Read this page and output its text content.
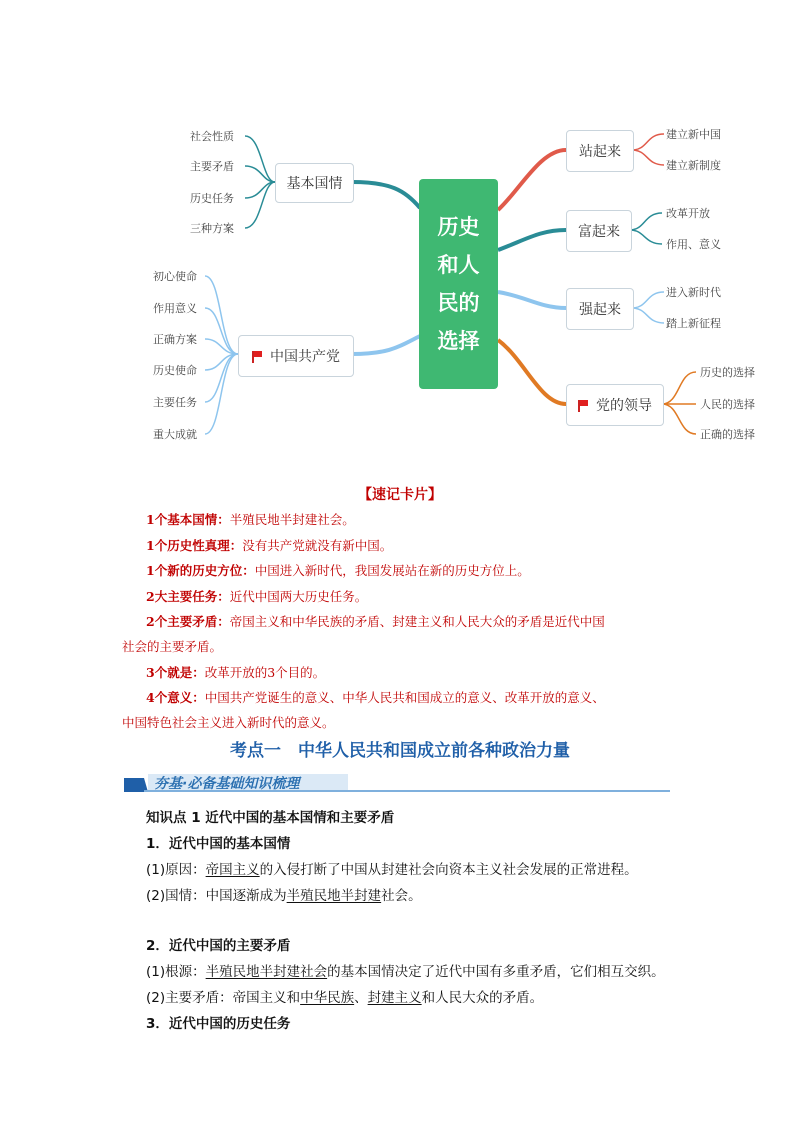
历史
和人
民的
选择
基本国情
社会性质
主要矛盾
历史任务
三种方案
中国共产党
初心使命
作用意义
正确方案
历史使命
主要任务
重大成就
站起来
建立新中国
建立新制度
富起来
改革开放
作用、意义
强起来
进入新时代
踏上新征程
党的领导
历史的选择
人民的选择
正确的选择
【速记卡片】
1个基本国情：半殖民地半封建社会。
1个历史性真理：没有共产党就没有新中国。
1个新的历史方位：中国进入新时代，我国发展站在新的历史方位上。
2大主要任务：近代中国两大历史任务。
2个主要矛盾：帝国主义和中华民族的矛盾、封建主义和人民大众的矛盾是近代中国
社会的主要矛盾。
3个就是：改革开放的3个目的。
4个意义：中国共产党诞生的意义、中华人民共和国成立的意义、改革开放的意义、
中国特色社会主义进入新时代的意义。
考点一　中华人民共和国成立前各种政治力量
夯基·必备基础知识梳理
知识点 1 近代中国的基本国情和主要矛盾
1．近代中国的基本国情
(1)原因：帝国主义的入侵打断了中国从封建社会向资本主义社会发展的正常进程。
(2)国情：中国逐渐成为半殖民地半封建社会。
2．近代中国的主要矛盾
(1)根源：半殖民地半封建社会的基本国情决定了近代中国有多重矛盾，它们相互交织。
(2)主要矛盾：帝国主义和中华民族、封建主义和人民大众的矛盾。
3．近代中国的历史任务
